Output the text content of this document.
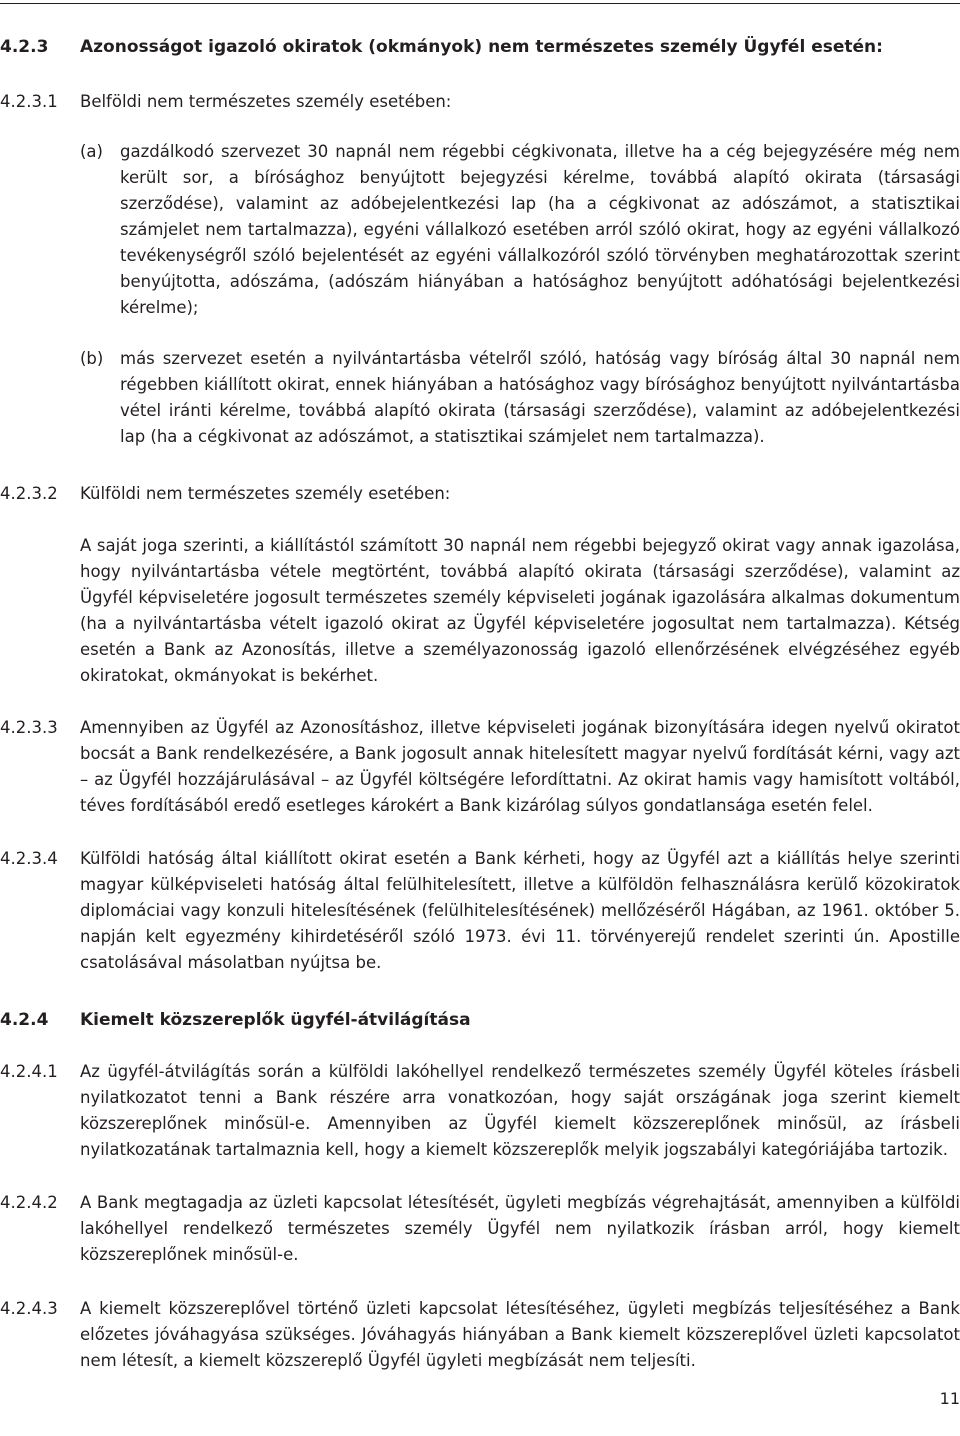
4.2.3 Azonosságot igazoló okiratok (okmányok) nem természetes személy Ügyfél esetén:
4.2.3.1 Belföldi nem természetes személy esetében:
(a) gazdálkodó szervezet 30 napnál nem régebbi cégkivonata, illetve ha a cég bejegyzésére még nem került sor, a bírósághoz benyújtott bejegyzési kérelme, továbbá alapító okirata (társasági szerződése), valamint az adóbejelentkezési lap (ha a cégkivonat az adószámot, a statisztikai számjelet nem tartalmazza), egyéni vállalkozó esetében arról szóló okirat, hogy az egyéni vállalkozó tevékenységről szóló bejelentését az egyéni vállalkozóról szóló törvényben meghatározottak szerint benyújtotta, adószáma, (adószám hiányában a hatósághoz benyújtott adóhatósági bejelentkezési kérelme);

(b) más szervezet esetén a nyilvántartásba vételről szóló, hatóság vagy bíróság által 30 napnál nem régebben kiállított okirat, ennek hiányában a hatósághoz vagy bírósághoz benyújtott nyilvántartásba vétel iránti kérelme, továbbá alapító okirata (társasági szerződése), valamint az adóbejelentkezési lap (ha a cégkivonat az adószámot, a statisztikai számjelet nem tartalmazza).

4.2.3.2 Külföldi nem természetes személy esetében:

A saját joga szerinti, a kiállítástól számított 30 napnál nem régebbi bejegyző okirat vagy annak igazolása, hogy nyilvántartásba vétele megtörtént, továbbá alapító okirata (társasági szerződése), valamint az Ügyfél képviseletére jogosult természetes személy képviseleti jogának igazolására alkalmas dokumentum (ha a nyilvántartásba vételt igazoló okirat az Ügyfél képviseletére jogosultat nem tartalmazza). Kétség esetén a Bank az Azonosítás, illetve a személyazonosság igazoló ellenőrzésének elvégzéséhez egyéb okiratokat, okmányokat is bekérhet.

4.2.3.3 Amennyiben az Ügyfél az Azonosításhoz, illetve képviseleti jogának bizonyítására idegen nyelvű okiratot bocsát a Bank rendelkezésére, a Bank jogosult annak hitelesített magyar nyelvű fordítását kérni, vagy azt – az Ügyfél hozzájárulásával – az Ügyfél költségére lefordíttatni. Az okirat hamis vagy hamisított voltából, téves fordításából eredő esetleges károkért a Bank kizárólag súlyos gondatlansága esetén felel.

4.2.3.4 Külföldi hatóság által kiállított okirat esetén a Bank kérheti, hogy az Ügyfél azt a kiállítás helye szerinti magyar külképviseleti hatóság által felülhitelesített, illetve a külföldön felhasználásra kerülő közokiratok diplomáciai vagy konzuli hitelesítésének (felülhitelesítésének) mellőzéséről Hágában, az 1961. október 5. napján kelt egyezmény kihirdetéséről szóló 1973. évi 11. törvényerejű rendelet szerinti ún. Apostille csatolásával másolatban nyújtsa be.

4.2.4 Kiemelt közszereplők ügyfél-átvilágítása
4.2.4.1 Az ügyfél-átvilágítás során a külföldi lakóhellyel rendelkező természetes személy Ügyfél köteles írásbeli nyilatkozatot tenni a Bank részére arra vonatkozóan, hogy saját országának joga szerint kiemelt közszereplőnek minősül-e. Amennyiben az Ügyfél kiemelt közszereplőnek minősül, az írásbeli nyilatkozatának tartalmaznia kell, hogy a kiemelt közszereplők melyik jogszabályi kategóriájába tartozik.

4.2.4.2 A Bank megtagadja az üzleti kapcsolat létesítését, ügyleti megbízás végrehajtását, amennyiben a külföldi lakóhellyel rendelkező természetes személy Ügyfél nem nyilatkozik írásban arról, hogy kiemelt közszereplőnek minősül-e.

4.2.4.3 A kiemelt közszereplővel történő üzleti kapcsolat létesítéséhez, ügyleti megbízás teljesítéséhez a Bank előzetes jóváhagyása szükséges. Jóváhagyás hiányában a Bank kiemelt közszereplővel üzleti kapcsolatot nem létesít, a kiemelt közszereplő Ügyfél ügyleti megbízását nem teljesíti.

11
